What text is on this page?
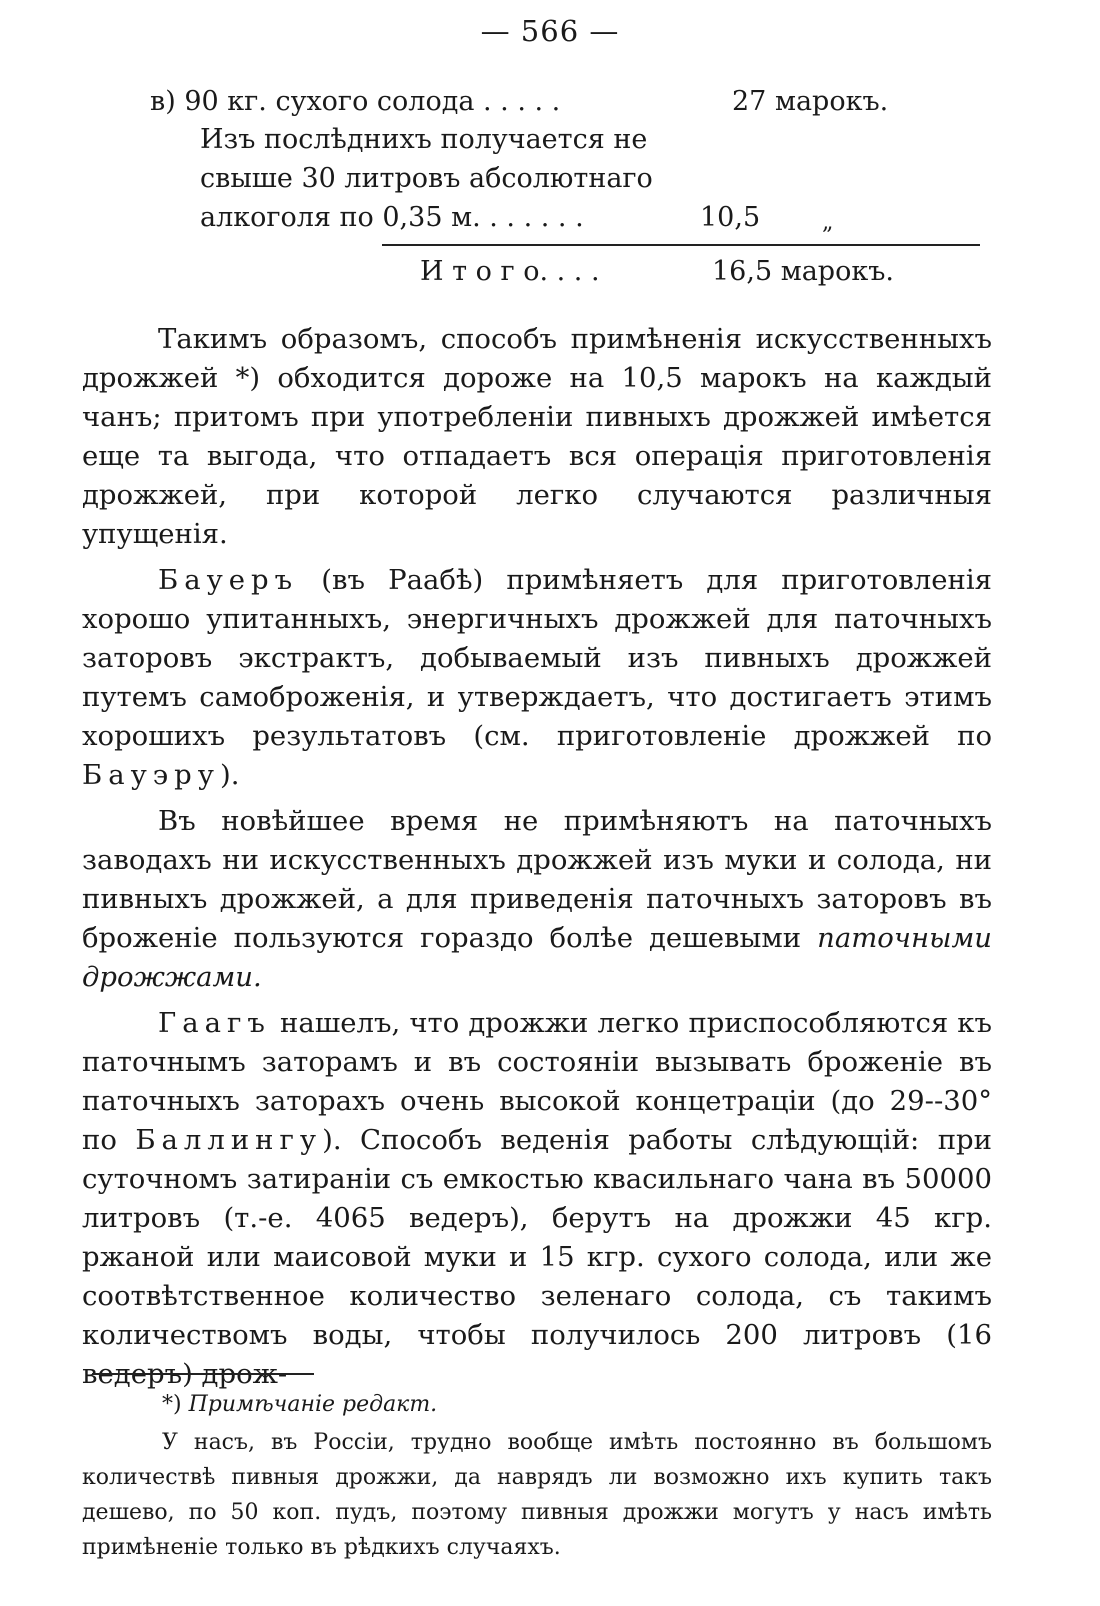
— 566 —
в) 90 кг. сухого солода . . . . .	27 марокъ.
Изъ послѣднихъ получается не
свыше 30 литровъ абсолютнаго
алкоголя по 0,35 м. . . . . . .	10,5	„
И т о г о. . . .	16,5 марокъ.

Такимъ образомъ, способъ примѣненія искусственныхъ дрожжей *) обходится дороже на 10,5 марокъ на каждый чанъ; притомъ при употребленіи пивныхъ дрожжей имѣется еще та выгода, что отпадаетъ вся операція приготовленія дрожжей, при которой легко случаются различныя упущенія.

Бауеръ (въ Раабѣ) примѣняетъ для приготовленія хорошо упитанныхъ, энергичныхъ дрожжей для паточныхъ заторовъ экстрактъ, добываемый изъ пивныхъ дрожжей путемъ самоброженія, и утверждаетъ, что достигаетъ этимъ хорошихъ результатовъ (см. приготовленіе дрожжей по Бауэру).

Въ новѣйшее время не примѣняютъ на паточныхъ заводахъ ни искусственныхъ дрожжей изъ муки и солода, ни пивныхъ дрожжей, а для приведенія паточныхъ заторовъ въ броженіе пользуются гораздо болѣе дешевыми паточными дрожжами.

Гаагъ нашелъ, что дрожжи легко приспособляются къ паточнымъ заторамъ и въ состояніи вызывать броженіе въ паточныхъ заторахъ очень высокой концетраціи (до 29--30° по Баллингу). Способъ веденія работы слѣдующій: при суточномъ затираніи съ емкостью квасильнаго чана въ 50000 литровъ (т.-е. 4065 ведеръ), берутъ на дрожжи 45 кгр. ржаной или маисовой муки и 15 кгр. сухого солода, или же соотвѣтственное количество зеленаго солода, съ такимъ количествомъ воды, чтобы получилось 200 литровъ (16 ведеръ) дрож-

*) Примѣчаніе редакт.

У насъ, въ Россіи, трудно вообще имѣть постоянно въ большомъ количествѣ пивныя дрожжи, да наврядъ ли возможно ихъ купить такъ дешево, по 50 коп. пудъ, поэтому пивныя дрожжи могутъ у насъ имѣть примѣненіе только въ рѣдкихъ случаяхъ.
